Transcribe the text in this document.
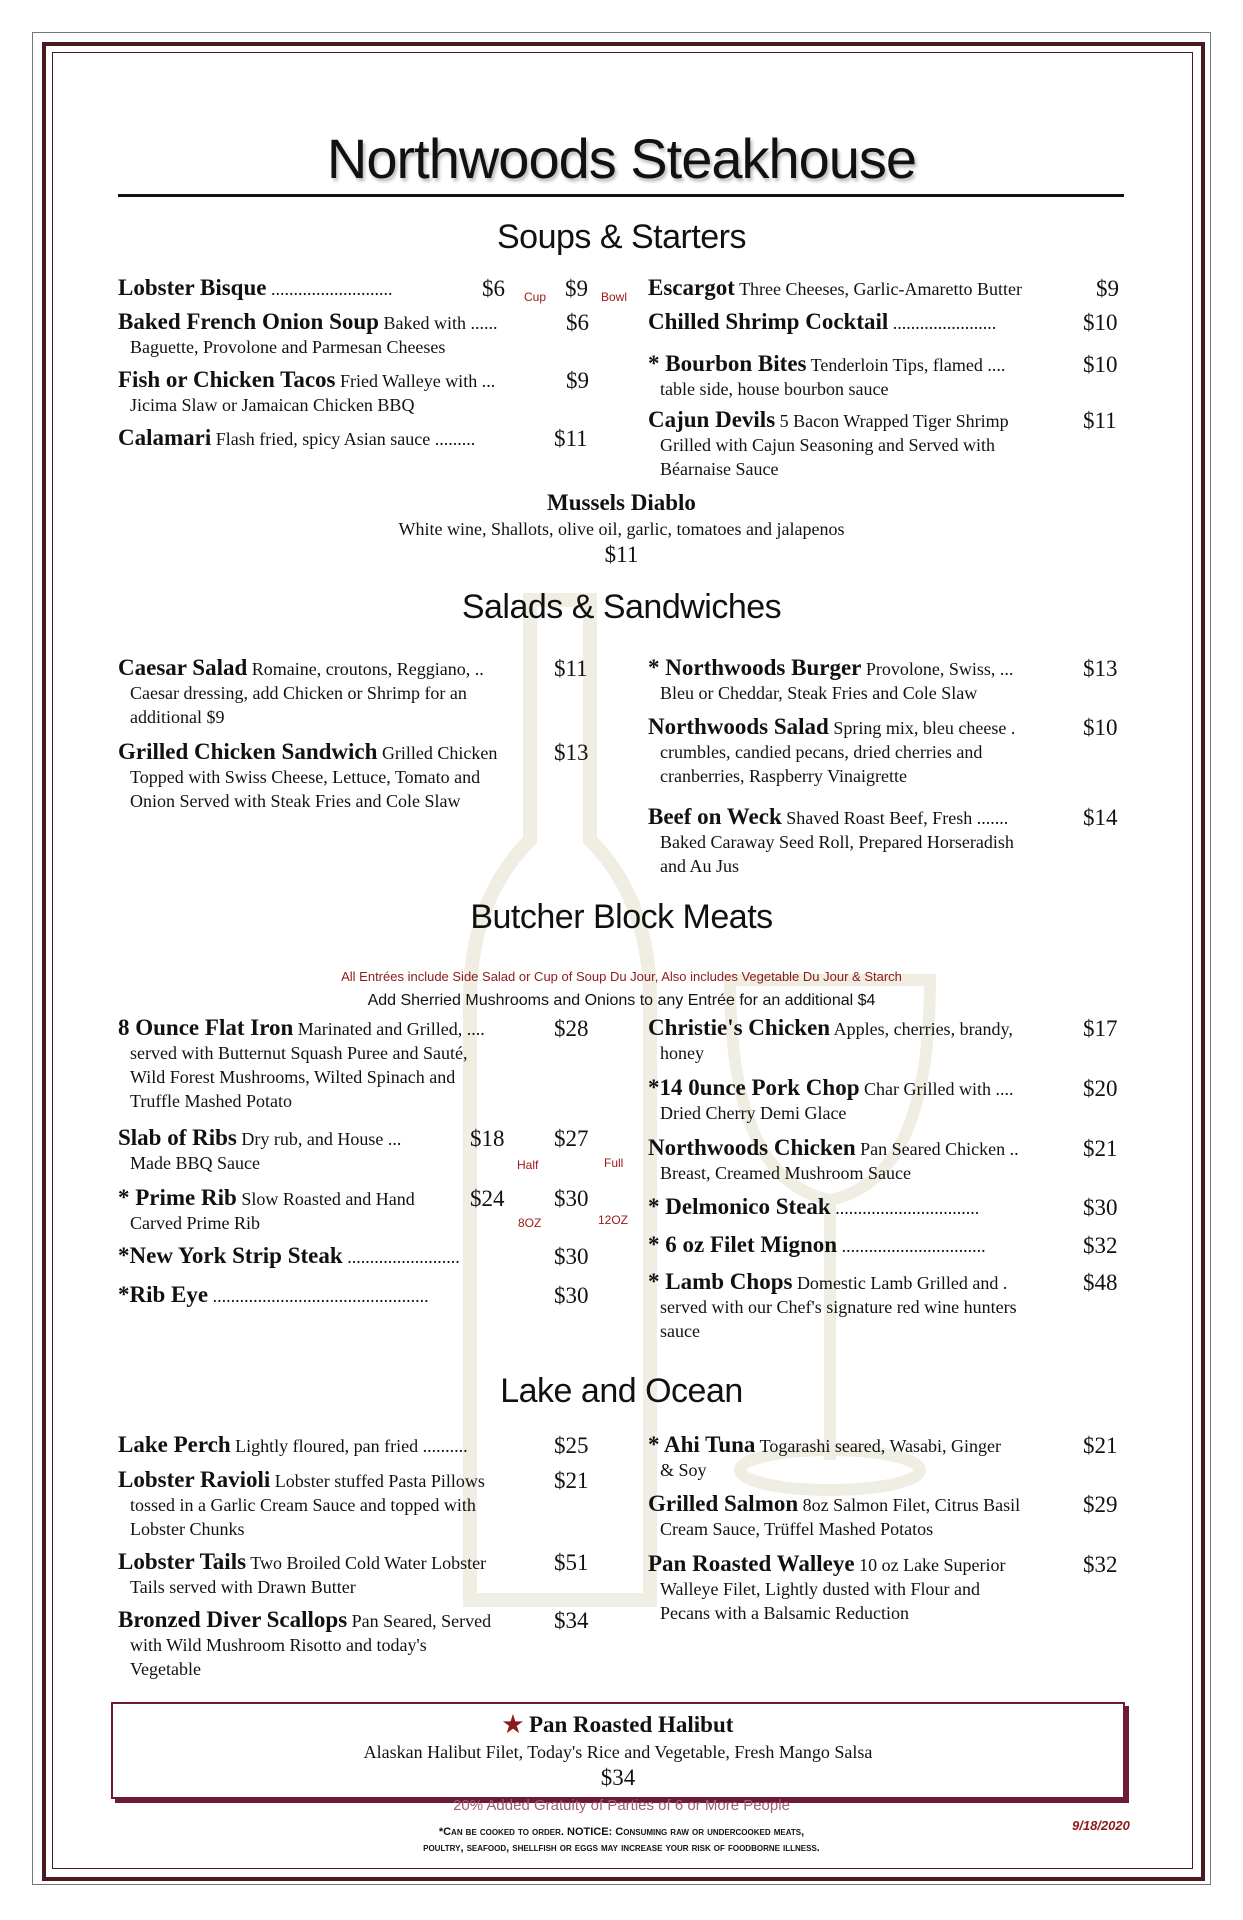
Northwoods Steakhouse
Soups & Starters
Lobster Bisque ...........................	$6 Cup $9 Bowl
Baked French Onion Soup Baked with ......
Baguette, Provolone and Parmesan Cheeses
$6
Fish or Chicken Tacos Fried Walleye with ...
Jicima Slaw or Jamaican Chicken BBQ
$9
Calamari Flash fried, spicy Asian sauce .........	$11
Escargot Three Cheeses, Garlic-Amaretto Butter	$9
Chilled Shrimp Cocktail .......................	$10
* Bourbon Bites Tenderloin Tips, flamed ....
table side, house bourbon sauce
$10
Cajun Devils 5 Bacon Wrapped Tiger Shrimp
Grilled with Cajun Seasoning and Served with
Béarnaise Sauce
$11
Mussels Diablo
White wine, Shallots, olive oil, garlic, tomatoes and jalapenos
$11
Salads & Sandwiches
Caesar Salad Romaine, croutons, Reggiano, ..
Caesar dressing, add Chicken or Shrimp for an
additional $9
$11
Grilled Chicken Sandwich Grilled Chicken
Topped with Swiss Cheese, Lettuce, Tomato and
Onion Served with Steak Fries and Cole Slaw
$13
* Northwoods Burger Provolone, Swiss, ...
Bleu or Cheddar, Steak Fries and Cole Slaw
$13
Northwoods Salad Spring mix, bleu cheese .
crumbles, candied pecans, dried cherries and
cranberries, Raspberry Vinaigrette
$10
Beef on Weck Shaved Roast Beef, Fresh .......
Baked Caraway Seed Roll, Prepared Horseradish
and Au Jus
$14
Butcher Block Meats
All Entrées include Side Salad or Cup of Soup Du Jour, Also includes Vegetable Du Jour & Starch
Add Sherried Mushrooms and Onions to any Entrée for an additional $4
8 Ounce Flat Iron Marinated and Grilled, ....
served with Butternut Squash Puree and Sauté,
Wild Forest Mushrooms, Wilted Spinach and
Truffle Mashed Potato
$28
Slab of Ribs Dry rub, and House ...
Made BBQ Sauce
$18
Half
$27
Full
* Prime Rib Slow Roasted and Hand
Carved Prime Rib
$24
8OZ
$30
12OZ
*New York Strip Steak .........................	$30
*Rib Eye ................................................	$30
Christie's Chicken Apples, cherries, brandy,
honey
$17
*14 0unce Pork Chop Char Grilled with ....
Dried Cherry Demi Glace
$20
Northwoods Chicken Pan Seared Chicken ..
Breast, Creamed Mushroom Sauce
$21
* Delmonico Steak ................................	$30
* 6 oz Filet Mignon ................................	$32
* Lamb Chops Domestic Lamb Grilled and .
served with our Chef's signature red wine hunters
sauce
$48
Lake and Ocean
Lake Perch Lightly floured, pan fried ..........	$25
Lobster Ravioli Lobster stuffed Pasta Pillows
tossed in a Garlic Cream Sauce and topped with
Lobster Chunks
$21
Lobster Tails Two Broiled Cold Water Lobster
Tails served with Drawn Butter
$51
Bronzed Diver Scallops Pan Seared, Served
with Wild Mushroom Risotto and today's
Vegetable
$34
* Ahi Tuna Togarashi seared, Wasabi, Ginger
& Soy
$21
Grilled Salmon 8oz Salmon Filet, Citrus Basil
Cream Sauce, Trüffel Mashed Potatos
$29
Pan Roasted Walleye 10 oz Lake Superior
Walleye Filet, Lightly dusted with Flour and
Pecans with a Balsamic Reduction
$32
★ Pan Roasted Halibut
Alaskan Halibut Filet, Today's Rice and Vegetable, Fresh Mango Salsa
$34
20% Added Gratuity of Parties of 6 or More People
9/18/2020
*Can be cooked to order. NOTICE: Consuming raw or undercooked meats,
poultry, seafood, shellfish or eggs may increase your risk of foodborne illness.
